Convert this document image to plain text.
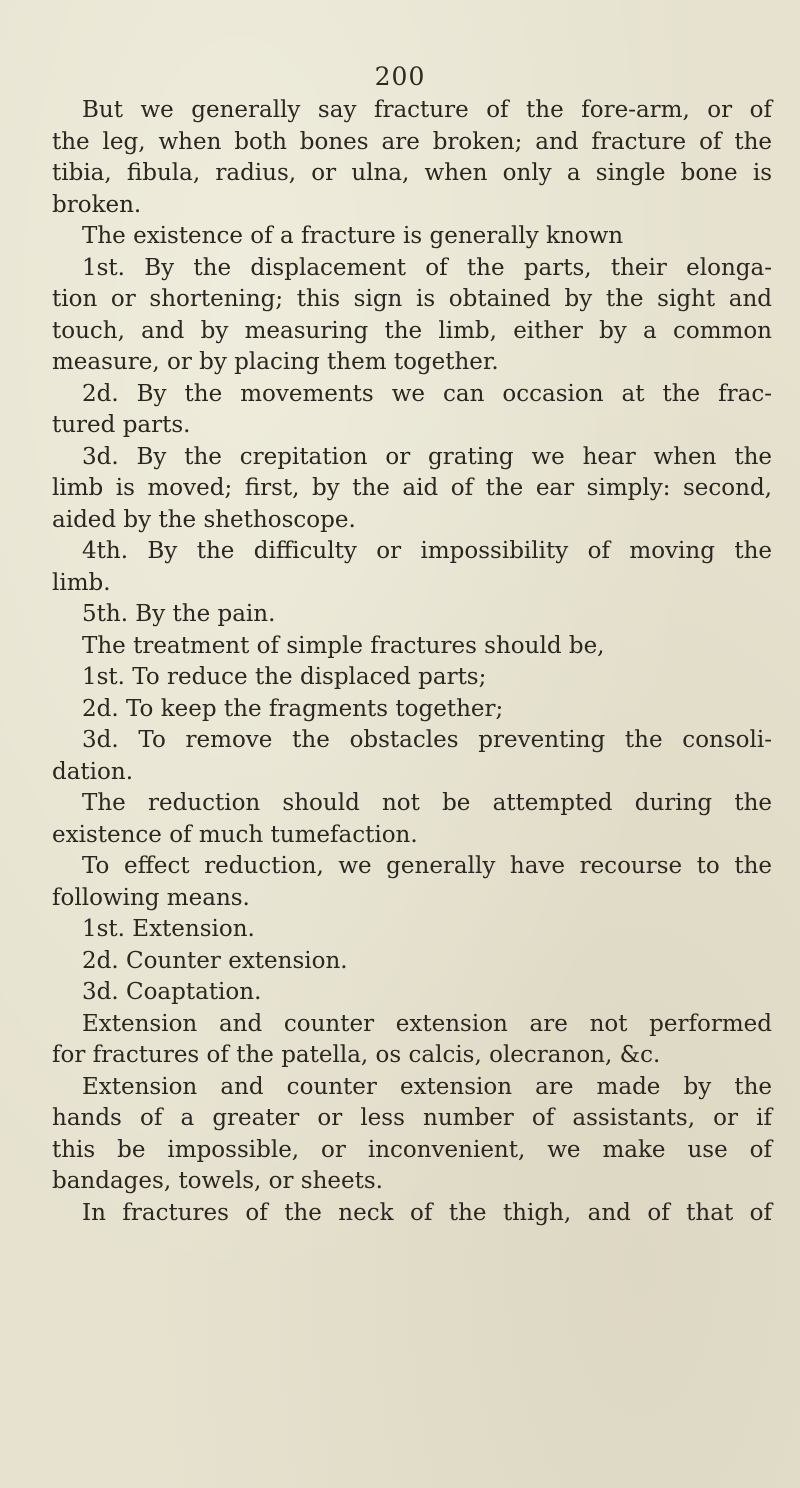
200
But we generally say fracture of the fore-arm, or of
the leg, when both bones are broken; and fracture of the
tibia, fibula, radius, or ulna, when only a single bone is
broken.
The existence of a fracture is generally known
1st. By the displacement of the parts, their elonga-
tion or shortening; this sign is obtained by the sight and
touch, and by measuring the limb, either by a common
measure, or by placing them together.
2d. By the movements we can occasion at the frac-
tured parts.
3d. By the crepitation or grating we hear when the
limb is moved; first, by the aid of the ear simply: second,
aided by the shethoscope.
4th. By the difficulty or impossibility of moving the
limb.
5th. By the pain.
The treatment of simple fractures should be,
1st. To reduce the displaced parts;
2d. To keep the fragments together;
3d. To remove the obstacles preventing the consoli-
dation.
The reduction should not be attempted during the
existence of much tumefaction.
To effect reduction, we generally have recourse to the
following means.
1st. Extension.
2d. Counter extension.
3d. Coaptation.
Extension and counter extension are not performed
for fractures of the patella, os calcis, olecranon, &c.
Extension and counter extension are made by the
hands of a greater or less number of assistants, or if
this be impossible, or inconvenient, we make use of
bandages, towels, or sheets.
In fractures of the neck of the thigh, and of that of
